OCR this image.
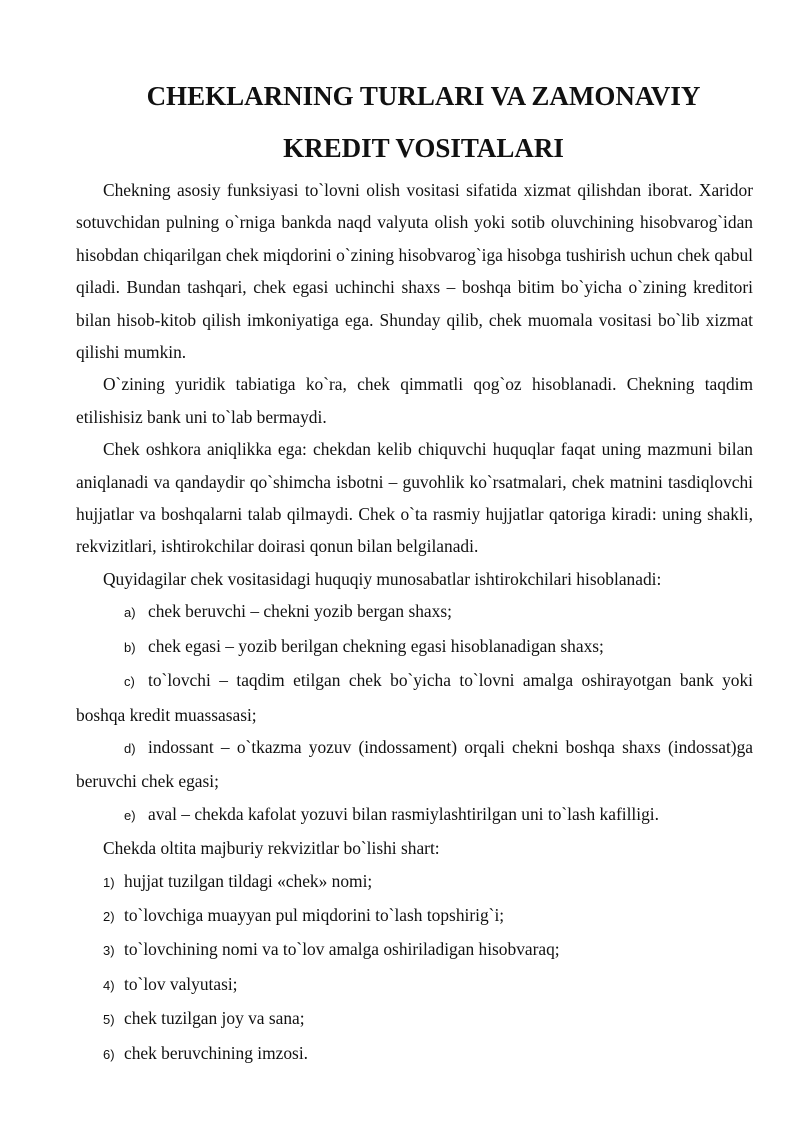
CHEKLARNING TURLARI VA ZAMONAVIY
KREDIT VOSITALARI

Chekning asosiy funksiyasi to`lovni olish vositasi sifatida xizmat qilishdan iborat. Xaridor sotuvchidan pulning o`rniga bankda naqd valyuta olish yoki sotib oluvchining hisobvarog`idan hisobdan chiqarilgan chek miqdorini o`zining hisobvarog`iga hisobga tushirish uchun chek qabul qiladi. Bundan tashqari, chek egasi uchinchi shaxs – boshqa bitim bo`yicha o`zining kreditori bilan hisob-kitob qilish imkoniyatiga ega. Shunday qilib, chek muomala vositasi bo`lib xizmat qilishi mumkin.

O`zining yuridik tabiatiga ko`ra, chek qimmatli qog`oz hisoblanadi. Chekning taqdim etilishisiz bank uni to`lab bermaydi.

Chek oshkora aniqlikka ega: chekdan kelib chiquvchi huquqlar faqat uning mazmuni bilan aniqlanadi va qandaydir qo`shimcha isbotni – guvohlik ko`rsatmalari, chek matnini tasdiqlovchi hujjatlar va boshqalarni talab qilmaydi. Chek o`ta rasmiy hujjatlar qatoriga kiradi: uning shakli, rekvizitlari, ishtirokchilar doirasi qonun bilan belgilanadi.

Quyidagilar chek vositasidagi huquqiy munosabatlar ishtirokchilari hisoblanadi:

a) chek beruvchi – chekni yozib bergan shaxs;

b) chek egasi – yozib berilgan chekning egasi hisoblanadigan shaxs;

c) to`lovchi – taqdim etilgan chek bo`yicha to`lovni amalga oshirayotgan bank yoki boshqa kredit muassasasi;

d) indossant – o`tkazma yozuv (indossament) orqali chekni boshqa shaxs (indossat)ga beruvchi chek egasi;

e) aval – chekda kafolat yozuvi bilan rasmiylashtirilgan uni to`lash kafilligi.

Chekda oltita majburiy rekvizitlar bo`lishi shart:

1) hujjat tuzilgan tildagi «chek» nomi;

2) to`lovchiga muayyan pul miqdorini to`lash topshirig`i;

3) to`lovchining nomi va to`lov amalga oshiriladigan hisobvaraq;

4) to`lov valyutasi;

5) chek tuzilgan joy va sana;

6) chek beruvchining imzosi.
